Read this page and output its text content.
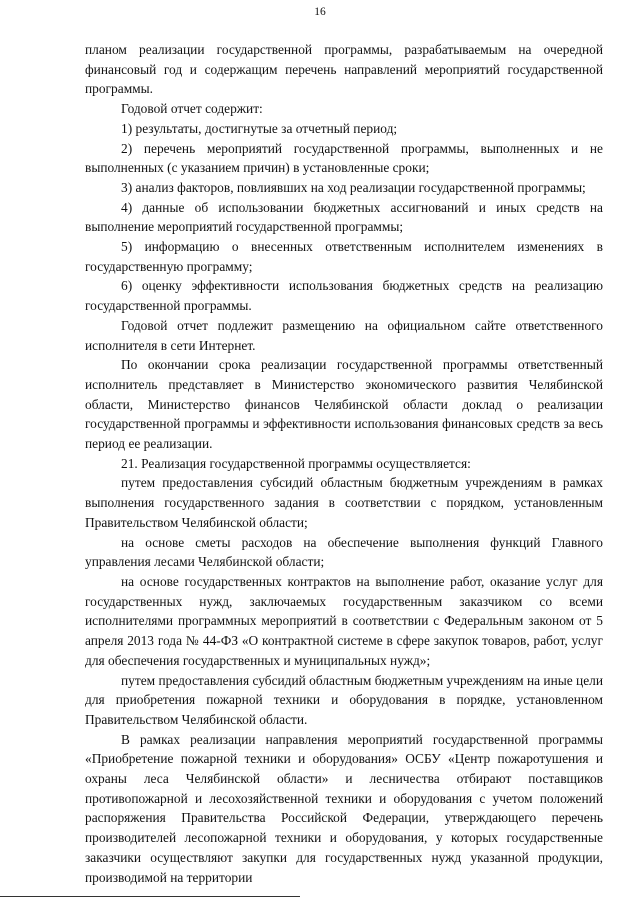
16

планом реализации государственной программы, разрабатываемым на очередной финансовый год и содержащим перечень направлений мероприятий государственной программы.

Годовой отчет содержит:

1) результаты, достигнутые за отчетный период;

2) перечень мероприятий государственной программы, выполненных и не выполненных (с указанием причин) в установленные сроки;

3) анализ факторов, повлиявших на ход реализации государственной программы;

4) данные об использовании бюджетных ассигнований и иных средств на выполнение мероприятий государственной программы;

5) информацию о внесенных ответственным исполнителем изменениях в государственную программу;

6) оценку эффективности использования бюджетных средств на реализацию государственной программы.

Годовой отчет подлежит размещению на официальном сайте ответственного исполнителя в сети Интернет.

По окончании срока реализации государственной программы ответственный исполнитель представляет в Министерство экономического развития Челябинской области, Министерство финансов Челябинской области доклад о реализации государственной программы и эффективности использования финансовых средств за весь период ее реализации.

21. Реализация государственной программы осуществляется:

путем предоставления субсидий областным бюджетным учреждениям в рамках выполнения государственного задания в соответствии с порядком, установленным Правительством Челябинской области;

на основе сметы расходов на обеспечение выполнения функций Главного управления лесами Челябинской области;

на основе государственных контрактов на выполнение работ, оказание услуг для государственных нужд, заключаемых государственным заказчиком со всеми исполнителями программных мероприятий в соответствии с Федеральным законом от 5 апреля 2013 года № 44-ФЗ «О контрактной системе в сфере закупок товаров, работ, услуг для обеспечения государственных и муниципальных нужд»;

путем предоставления субсидий областным бюджетным учреждениям на иные цели для приобретения пожарной техники и оборудования в порядке, установленном Правительством Челябинской области.

В рамках реализации направления мероприятий государственной программы «Приобретение пожарной техники и оборудования» ОСБУ «Центр пожаротушения и охраны леса Челябинской области» и лесничества отбирают поставщиков противопожарной и лесохозяйственной техники и оборудования с учетом положений распоряжения Правительства Российской Федерации, утверждающего перечень производителей лесопожарной техники и оборудования, у которых государственные заказчики осуществляют закупки для государственных нужд указанной продукции, производимой на территории
